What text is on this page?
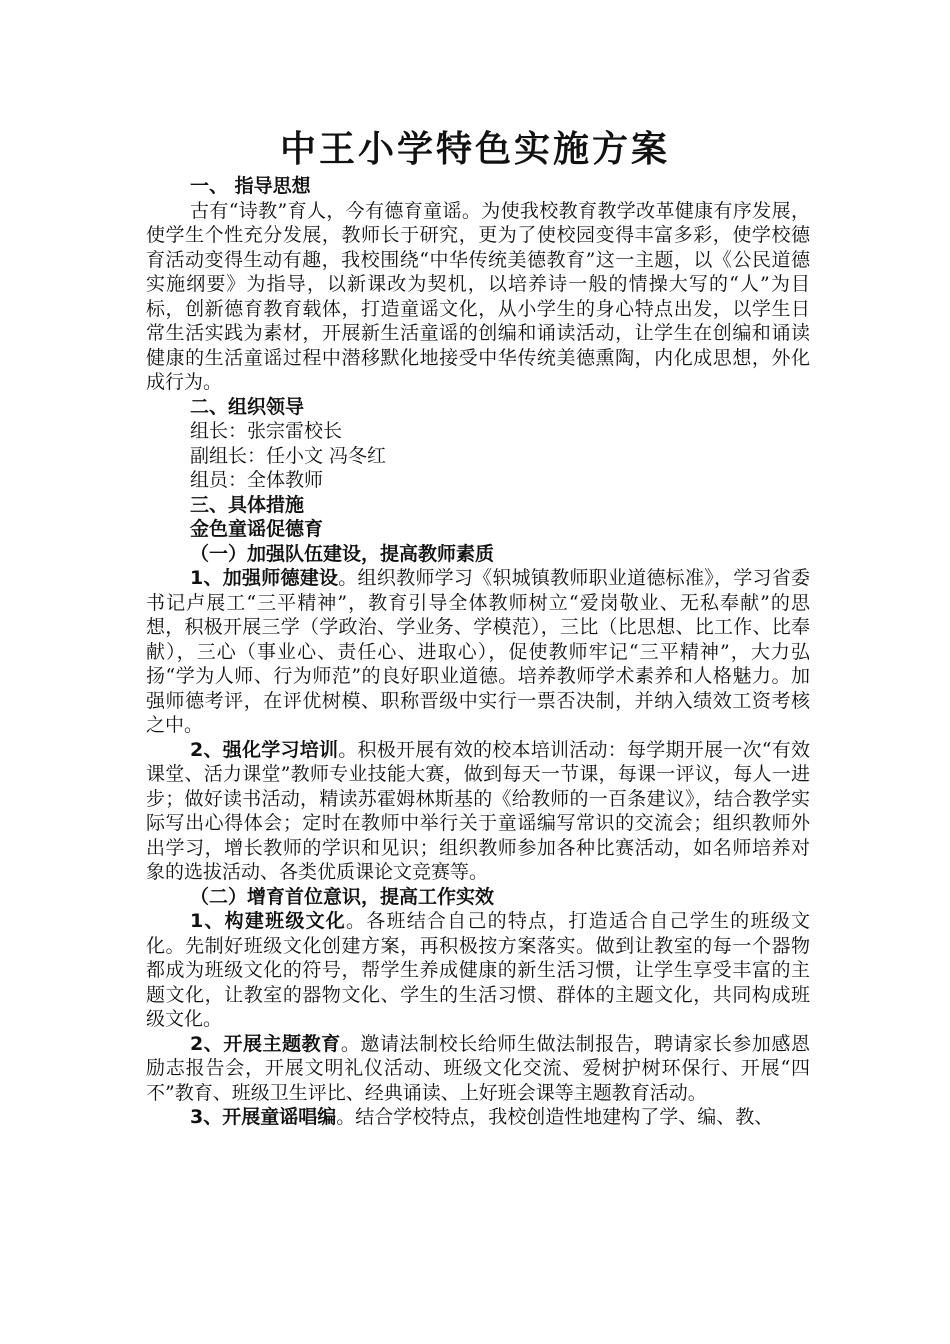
中王小学特色实施方案

一、 指导思想

古有“诗教”育人，今有德育童谣。为使我校教育教学改革健康有序发展，使学生个性充分发展，教师长于研究，更为了使校园变得丰富多彩，使学校德育活动变得生动有趣，我校围绕“中华传统美德教育”这一主题，以《公民道德实施纲要》为指导，以新课改为契机，以培养诗一般的情操大写的“人”为目标，创新德育教育载体，打造童谣文化，从小学生的身心特点出发，以学生日常生活实践为素材，开展新生活童谣的创编和诵读活动，让学生在创编和诵读健康的生活童谣过程中潜移默化地接受中华传统美德熏陶，内化成思想，外化成行为。

二、组织领导

组长：张宗雷校长

副组长：任小文 冯冬红

组员：全体教师

三、具体措施

金色童谣促德育

（一）加强队伍建设，提高教师素质

1、加强师德建设。组织教师学习《轵城镇教师职业道德标准》，学习省委书记卢展工“三平精神”，教育引导全体教师树立“爱岗敬业、无私奉献”的思想，积极开展三学（学政治、学业务、学模范），三比（比思想、比工作、比奉献），三心（事业心、责任心、进取心），促使教师牢记“三平精神”，大力弘扬“学为人师、行为师范”的良好职业道德。培养教师学术素养和人格魅力。加强师德考评，在评优树模、职称晋级中实行一票否决制，并纳入绩效工资考核之中。

2、强化学习培训。积极开展有效的校本培训活动：每学期开展一次“有效课堂、活力课堂”教师专业技能大赛，做到每天一节课，每课一评议，每人一进步；做好读书活动，精读苏霍姆林斯基的《给教师的一百条建议》，结合教学实际写出心得体会；定时在教师中举行关于童谣编写常识的交流会；组织教师外出学习，增长教师的学识和见识；组织教师参加各种比赛活动，如名师培养对象的选拔活动、各类优质课论文竞赛等。

（二）增育首位意识，提高工作实效

1、构建班级文化。各班结合自己的特点，打造适合自己学生的班级文化。先制好班级文化创建方案，再积极按方案落实。做到让教室的每一个器物都成为班级文化的符号，帮学生养成健康的新生活习惯，让学生享受丰富的主题文化，让教室的器物文化、学生的生活习惯、群体的主题文化，共同构成班级文化。

2、开展主题教育。邀请法制校长给师生做法制报告，聘请家长参加感恩励志报告会，开展文明礼仪活动、班级文化交流、爱树护树环保行、开展“四不”教育、班级卫生评比、经典诵读、上好班会课等主题教育活动。

3、开展童谣唱编。结合学校特点，我校创造性地建构了学、编、教、
